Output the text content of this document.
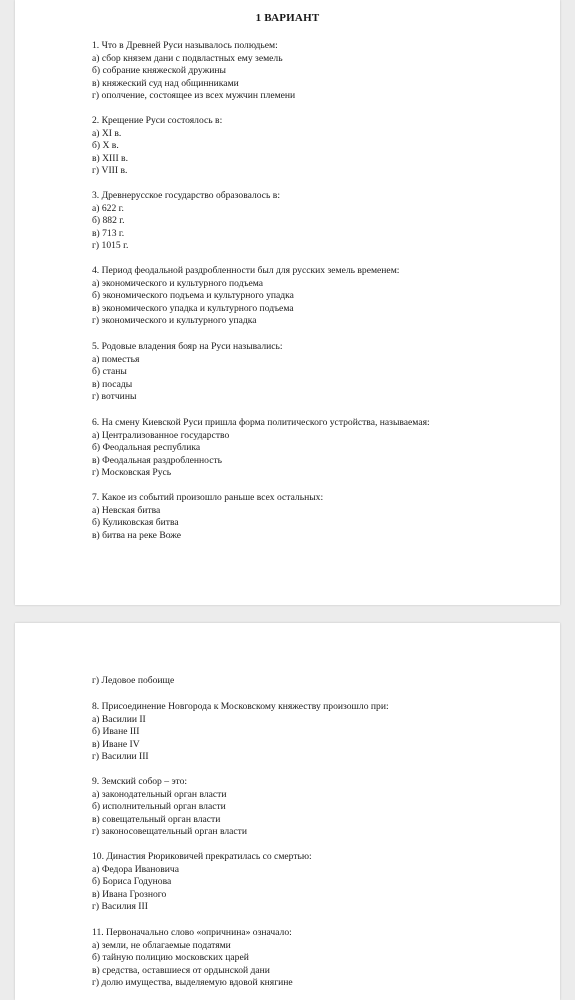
1 ВАРИАНТ
1. Что в Древней Руси называлось полюдьем:
а) сбор князем дани с подвластных ему земель
б) собрание княжеской дружины
в) княжеский суд над общинниками
г) ополчение, состоящее из всех мужчин племени
2. Крещение Руси состоялось в:
а) XI в.
б) X в.
в) XIII в.
г) VIII в.
3. Древнерусское государство образовалось в:
а) 622 г.
б) 882 г.
в) 713 г.
г) 1015 г.
4. Период феодальной раздробленности был для русских земель временем:
а) экономического и культурного подъема
б) экономического подъема и культурного упадка
в) экономического упадка и культурного подъема
г) экономического и культурного упадка
5. Родовые владения бояр на Руси назывались:
а) поместья
б) станы
в) посады
г) вотчины
6. На смену Киевской Руси пришла форма политического устройства, называемая:
а) Централизованное государство
б) Феодальная республика
в) Феодальная раздробленность
г) Московская Русь
7. Какое из событий произошло раньше всех остальных:
а) Невская битва
б) Куликовская битва
в) битва на реке Воже
г) Ледовое побоище
8. Присоединение Новгорода к Московскому княжеству произошло при:
а) Василии II
б) Иване III
в) Иване IV
г) Василии III
9. Земский собор – это:
а) законодательный орган власти
б) исполнительный орган власти
в) совещательный орган власти
г) законосовещательный орган власти
10. Династия Рюриковичей прекратилась со смертью:
а) Федора Ивановича
б) Бориса Годунова
в) Ивана Грозного
г) Василия III
11. Первоначально слово «опричнина» означало:
а) земли, не облагаемые податями
б) тайную полицию московских царей
в) средства, оставшиеся от ордынской дани
г) долю имущества, выделяемую вдовой княгине
